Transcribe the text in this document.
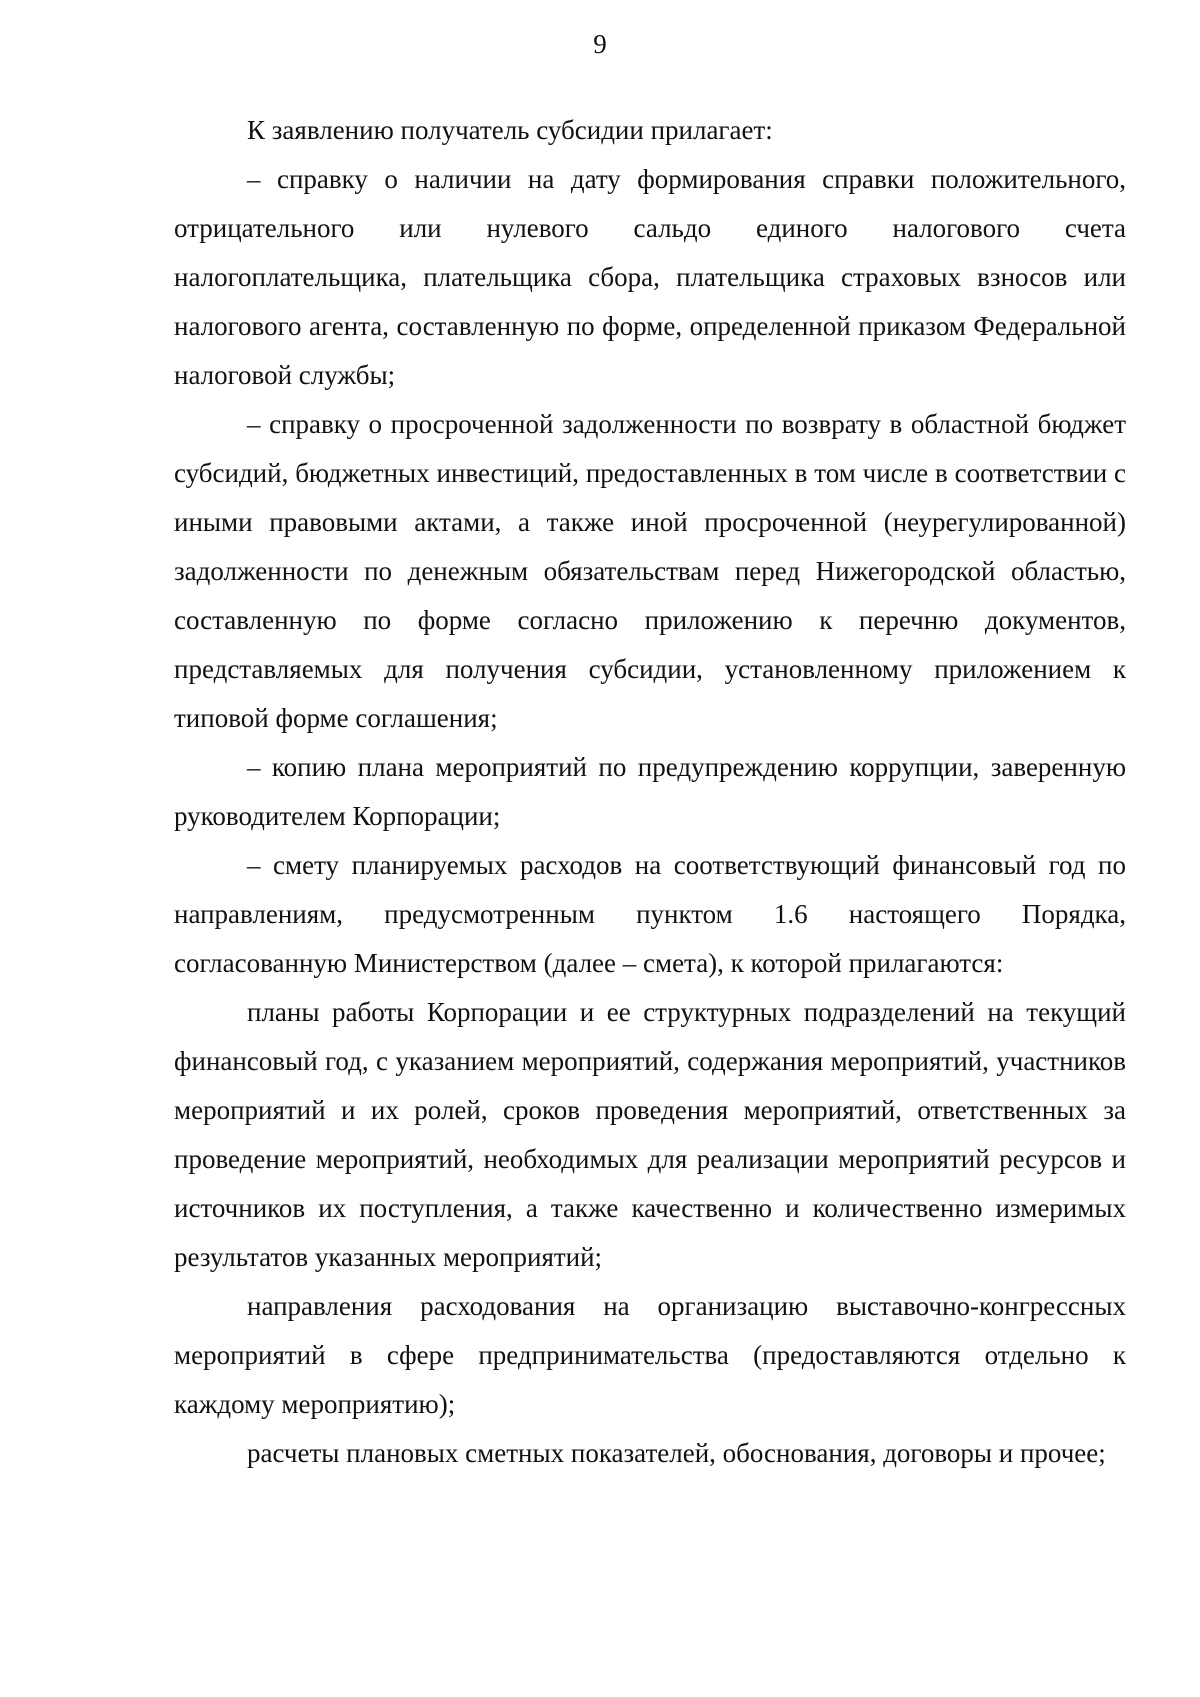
9

К заявлению получатель субсидии прилагает:

– справку о наличии на дату формирования справки положительного, отрицательного или нулевого сальдо единого налогового счета налогоплательщика, плательщика сбора, плательщика страховых взносов или налогового агента, составленную по форме, определенной приказом Федеральной налоговой службы;

– справку о просроченной задолженности по возврату в областной бюджет субсидий, бюджетных инвестиций, предоставленных в том числе в соответствии с иными правовыми актами, а также иной просроченной (неурегулированной) задолженности по денежным обязательствам перед Нижегородской областью, составленную по форме согласно приложению к перечню документов, представляемых для получения субсидии, установленному приложением к типовой форме соглашения;

– копию плана мероприятий по предупреждению коррупции, заверенную руководителем Корпорации;

– смету планируемых расходов на соответствующий финансовый год по направлениям, предусмотренным пунктом 1.6 настоящего Порядка, согласованную Министерством (далее – смета), к которой прилагаются:

планы работы Корпорации и ее структурных подразделений на текущий финансовый год, с указанием мероприятий, содержания мероприятий, участников мероприятий и их ролей, сроков проведения мероприятий, ответственных за проведение мероприятий, необходимых для реализации мероприятий ресурсов и источников их поступления, а также качественно и количественно измеримых результатов указанных мероприятий;

направления расходования на организацию выставочно-конгрессных мероприятий в сфере предпринимательства (предоставляются отдельно к каждому мероприятию);

расчеты плановых сметных показателей, обоснования, договоры и прочее;
